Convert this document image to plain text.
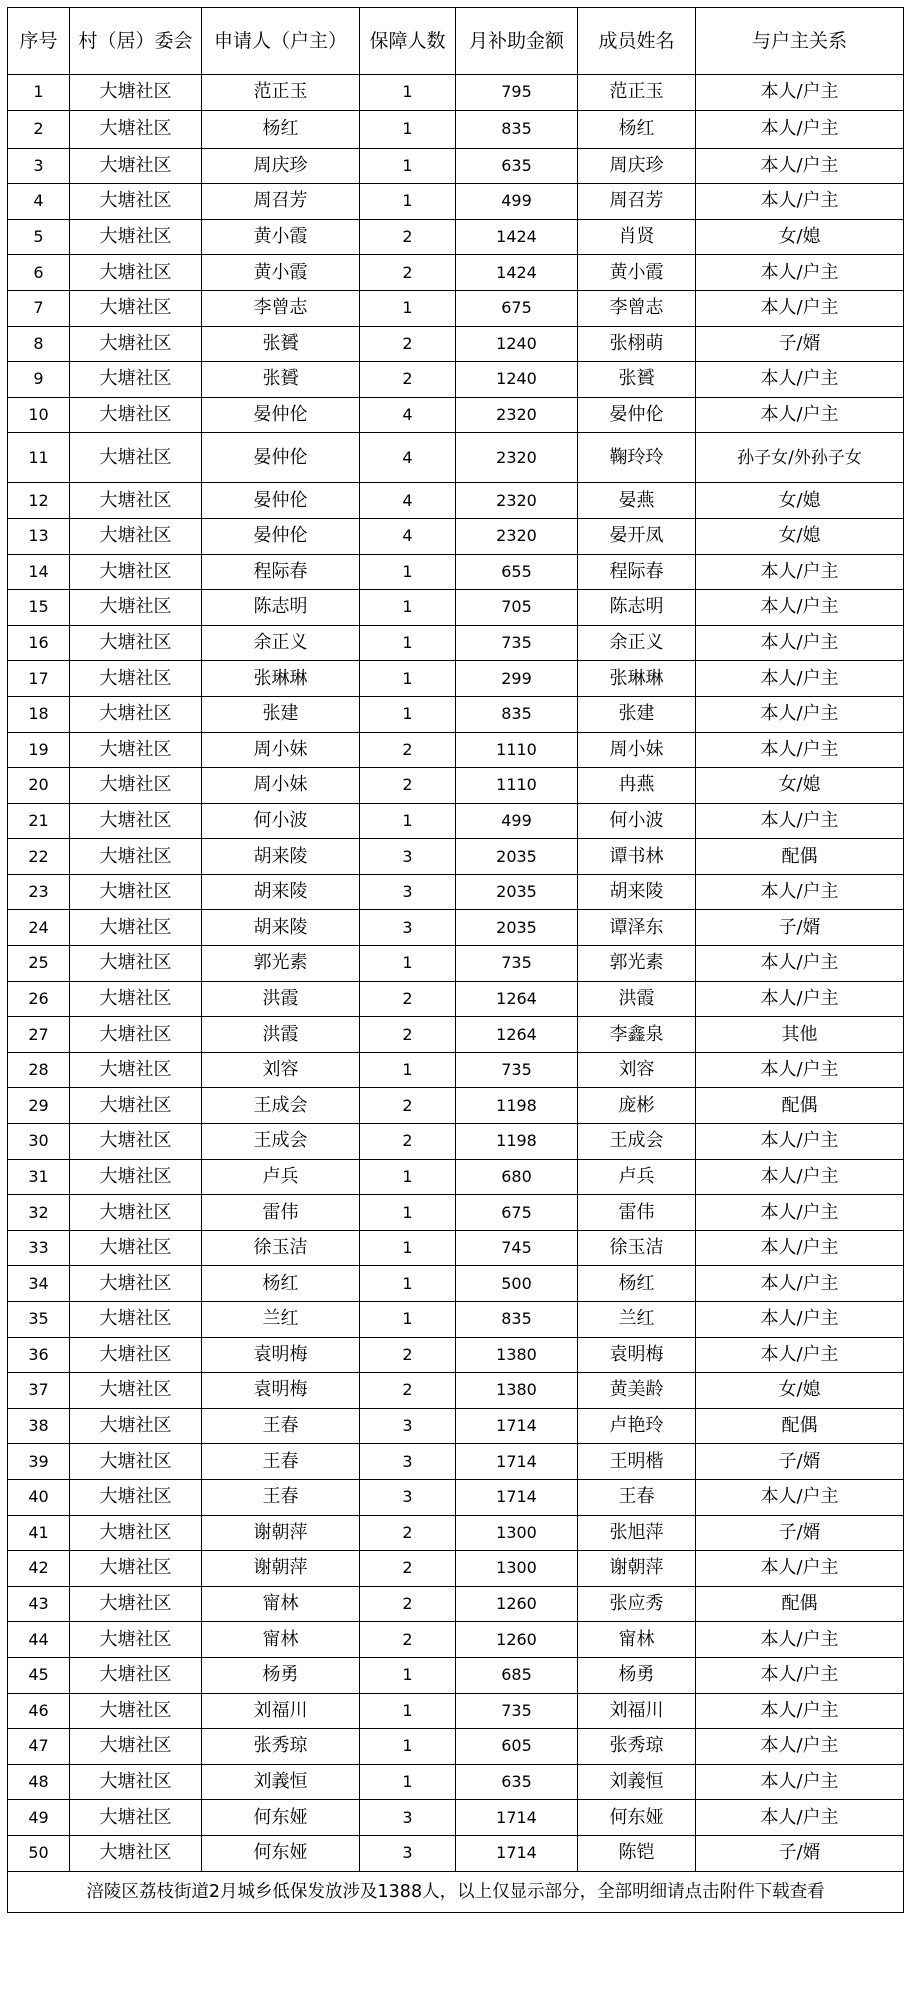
序号	村（居）委会	申请人（户主）	保障人数	月补助金额	成员姓名	与户主关系
1	大塘社区	范正玉	1	795	范正玉	本人/户主
2	大塘社区	杨红	1	835	杨红	本人/户主
3	大塘社区	周庆珍	1	635	周庆珍	本人/户主
4	大塘社区	周召芳	1	499	周召芳	本人/户主
5	大塘社区	黄小霞	2	1424	肖贤	女/媳
6	大塘社区	黄小霞	2	1424	黄小霞	本人/户主
7	大塘社区	李曾志	1	675	李曾志	本人/户主
8	大塘社区	张贇	2	1240	张栩萌	子/婿
9	大塘社区	张贇	2	1240	张贇	本人/户主
10	大塘社区	晏仲伦	4	2320	晏仲伦	本人/户主
11	大塘社区	晏仲伦	4	2320	鞠玲玲	孙子女/外孙子女
12	大塘社区	晏仲伦	4	2320	晏燕	女/媳
13	大塘社区	晏仲伦	4	2320	晏开凤	女/媳
14	大塘社区	程际春	1	655	程际春	本人/户主
15	大塘社区	陈志明	1	705	陈志明	本人/户主
16	大塘社区	余正义	1	735	余正义	本人/户主
17	大塘社区	张琳琳	1	299	张琳琳	本人/户主
18	大塘社区	张建	1	835	张建	本人/户主
19	大塘社区	周小妹	2	1110	周小妹	本人/户主
20	大塘社区	周小妹	2	1110	冉燕	女/媳
21	大塘社区	何小波	1	499	何小波	本人/户主
22	大塘社区	胡来陵	3	2035	谭书林	配偶
23	大塘社区	胡来陵	3	2035	胡来陵	本人/户主
24	大塘社区	胡来陵	3	2035	谭泽东	子/婿
25	大塘社区	郭光素	1	735	郭光素	本人/户主
26	大塘社区	洪霞	2	1264	洪霞	本人/户主
27	大塘社区	洪霞	2	1264	李鑫泉	其他
28	大塘社区	刘容	1	735	刘容	本人/户主
29	大塘社区	王成会	2	1198	庞彬	配偶
30	大塘社区	王成会	2	1198	王成会	本人/户主
31	大塘社区	卢兵	1	680	卢兵	本人/户主
32	大塘社区	雷伟	1	675	雷伟	本人/户主
33	大塘社区	徐玉洁	1	745	徐玉洁	本人/户主
34	大塘社区	杨红	1	500	杨红	本人/户主
35	大塘社区	兰红	1	835	兰红	本人/户主
36	大塘社区	袁明梅	2	1380	袁明梅	本人/户主
37	大塘社区	袁明梅	2	1380	黄美龄	女/媳
38	大塘社区	王春	3	1714	卢艳玲	配偶
39	大塘社区	王春	3	1714	王明楷	子/婿
40	大塘社区	王春	3	1714	王春	本人/户主
41	大塘社区	谢朝萍	2	1300	张旭萍	子/婿
42	大塘社区	谢朝萍	2	1300	谢朝萍	本人/户主
43	大塘社区	甯林	2	1260	张应秀	配偶
44	大塘社区	甯林	2	1260	甯林	本人/户主
45	大塘社区	杨勇	1	685	杨勇	本人/户主
46	大塘社区	刘福川	1	735	刘福川	本人/户主
47	大塘社区	张秀琼	1	605	张秀琼	本人/户主
48	大塘社区	刘義恒	1	635	刘義恒	本人/户主
49	大塘社区	何东娅	3	1714	何东娅	本人/户主
50	大塘社区	何东娅	3	1714	陈铠	子/婿
涪陵区荔枝街道2月城乡低保发放涉及1388人，以上仅显示部分，全部明细请点击附件下载查看						
